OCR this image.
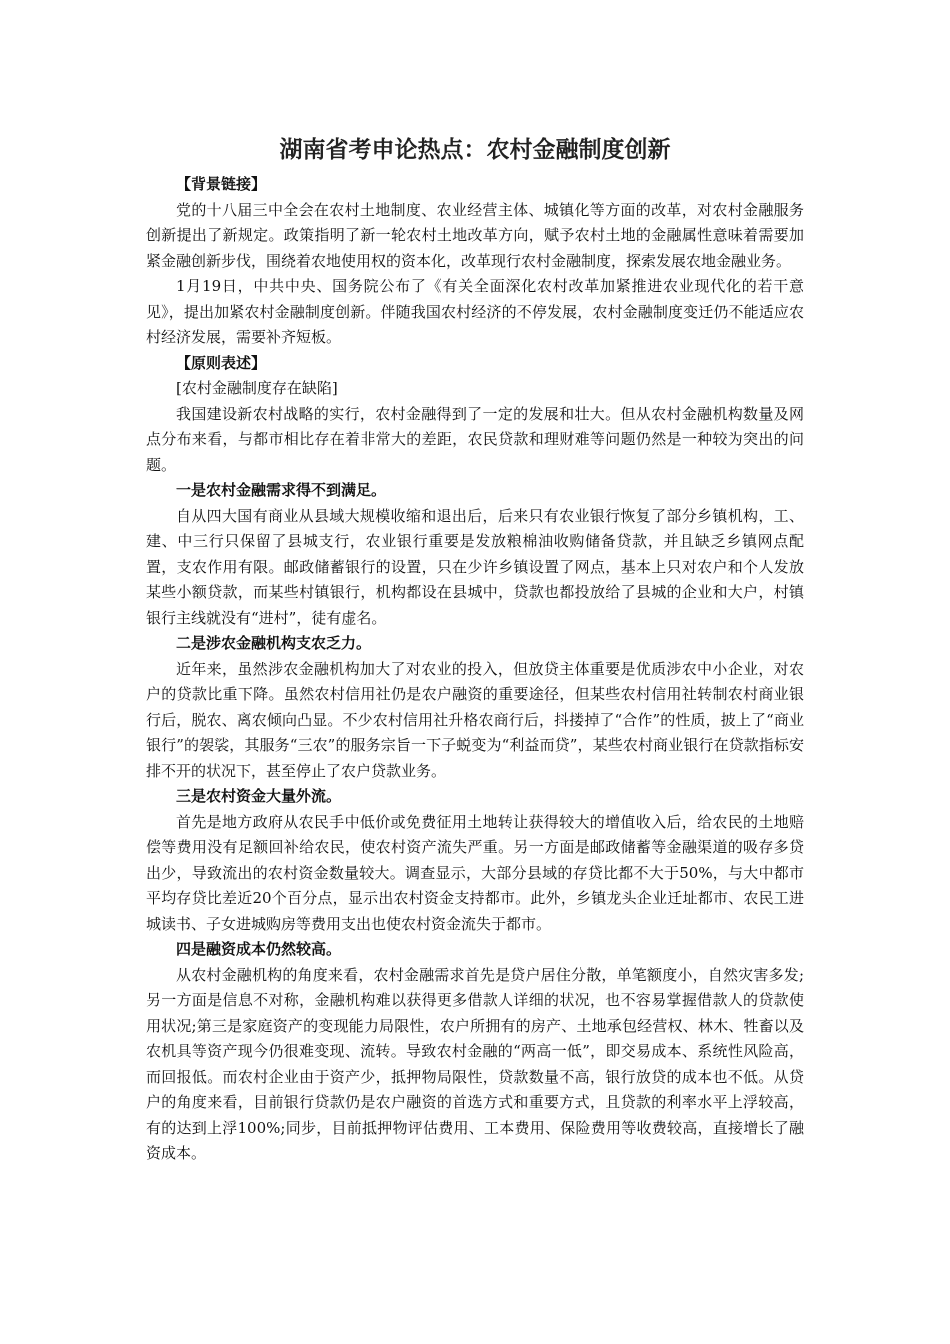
湖南省考申论热点：农村金融制度创新

【背景链接】

党的十八届三中全会在农村土地制度、农业经营主体、城镇化等方面的改革，对农村金融服务创新提出了新规定。政策指明了新一轮农村土地改革方向，赋予农村土地的金融属性意味着需要加紧金融创新步伐，围绕着农地使用权的资本化，改革现行农村金融制度，探索发展农地金融业务。

1月19日，中共中央、国务院公布了《有关全面深化农村改革加紧推进农业现代化的若干意见》，提出加紧农村金融制度创新。伴随我国农村经济的不停发展，农村金融制度变迁仍不能适应农村经济发展，需要补齐短板。

【原则表述】

[农村金融制度存在缺陷]

我国建设新农村战略的实行，农村金融得到了一定的发展和壮大。但从农村金融机构数量及网点分布来看，与都市相比存在着非常大的差距，农民贷款和理财难等问题仍然是一种较为突出的问题。

一是农村金融需求得不到满足。

自从四大国有商业从县域大规模收缩和退出后，后来只有农业银行恢复了部分乡镇机构，工、建、中三行只保留了县城支行，农业银行重要是发放粮棉油收购储备贷款，并且缺乏乡镇网点配置，支农作用有限。邮政储蓄银行的设置，只在少许乡镇设置了网点，基本上只对农户和个人发放某些小额贷款，而某些村镇银行，机构都设在县城中，贷款也都投放给了县城的企业和大户，村镇银行主线就没有“进村”，徒有虚名。

二是涉农金融机构支农乏力。

近年来，虽然涉农金融机构加大了对农业的投入，但放贷主体重要是优质涉农中小企业，对农户的贷款比重下降。虽然农村信用社仍是农户融资的重要途径，但某些农村信用社转制农村商业银行后，脱农、离农倾向凸显。不少农村信用社升格农商行后，抖搂掉了“合作”的性质，披上了“商业银行”的袈裟，其服务“三农”的服务宗旨一下子蜕变为“利益而贷”，某些农村商业银行在贷款指标安排不开的状况下，甚至停止了农户贷款业务。

三是农村资金大量外流。

首先是地方政府从农民手中低价或免费征用土地转让获得较大的增值收入后，给农民的土地赔偿等费用没有足额回补给农民，使农村资产流失严重。另一方面是邮政储蓄等金融渠道的吸存多贷出少，导致流出的农村资金数量较大。调查显示，大部分县域的存贷比都不大于50%，与大中都市平均存贷比差近20个百分点，显示出农村资金支持都市。此外，乡镇龙头企业迁址都市、农民工进城读书、子女进城购房等费用支出也使农村资金流失于都市。

四是融资成本仍然较高。

从农村金融机构的角度来看，农村金融需求首先是贷户居住分散，单笔额度小，自然灾害多发;另一方面是信息不对称，金融机构难以获得更多借款人详细的状况，也不容易掌握借款人的贷款使用状况;第三是家庭资产的变现能力局限性，农户所拥有的房产、土地承包经营权、林木、牲畜以及农机具等资产现今仍很难变现、流转。导致农村金融的“两高一低”，即交易成本、系统性风险高，而回报低。而农村企业由于资产少，抵押物局限性，贷款数量不高，银行放贷的成本也不低。从贷户的角度来看，目前银行贷款仍是农户融资的首选方式和重要方式，且贷款的利率水平上浮较高，有的达到上浮100%;同步，目前抵押物评估费用、工本费用、保险费用等收费较高，直接增长了融资成本。
